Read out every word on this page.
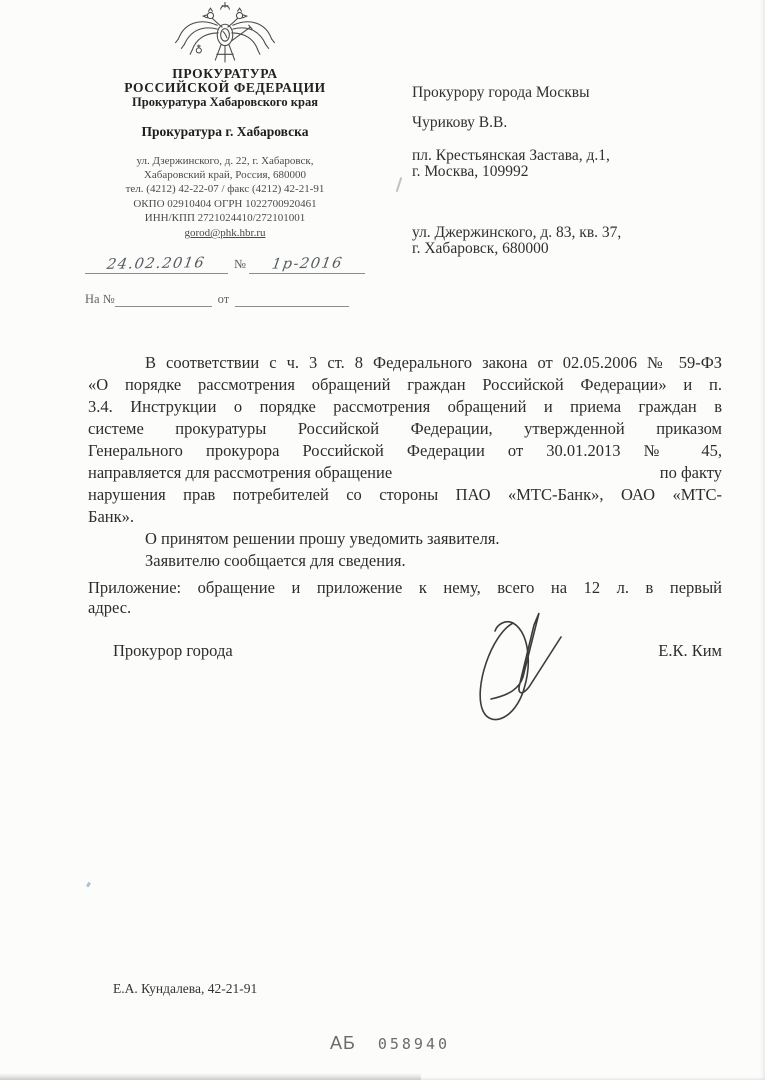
ПРОКУРАТУРА
РОССИЙСКОЙ ФЕДЕРАЦИИ
Прокуратура Хабаровского края
Прокуратура г. Хабаровска
ул. Дзержинского, д. 22, г. Хабаровск,
Хабаровский край, Россия, 680000
тел. (4212) 42-22-07 / факс (4212) 42-21-91
ОКПО 02910404 ОГРН 1022700920461
ИНН/КПП 2721024410/272101001
gorod@phk.hbr.ru
24.02.2016	№	1р-2016
На №	от
Прокурору города Москвы
Чурикову В.В.
пл. Крестьянская Застава, д.1,
г. Москва, 109992
ул. Джержинского, д. 83, кв. 37,
г. Хабаровск, 680000
В соответствии с ч. 3 ст. 8 Федерального закона от 02.05.2006 № 59-ФЗ
«О порядке рассмотрения обращений граждан Российской Федерации» и п.
3.4. Инструкции о порядке рассмотрения обращений и приема граждан в
системе прокуратуры Российской Федерации, утвержденной приказом
Генерального прокурора Российской Федерации от 30.01.2013 № 45,
направляется для рассмотрения обращение	по факту
нарушения прав потребителей со стороны ПАО «МТС-Банк», ОАО «МТС-
Банк».
О принятом решении прошу уведомить заявителя.
Заявителю сообщается для сведения.
Приложение: обращение и приложение к нему, всего на 12 л. в первый
адрес.
Прокурор города	Е.К. Ким
Е.А. Кундалева, 42-21-91
АБ 058940
